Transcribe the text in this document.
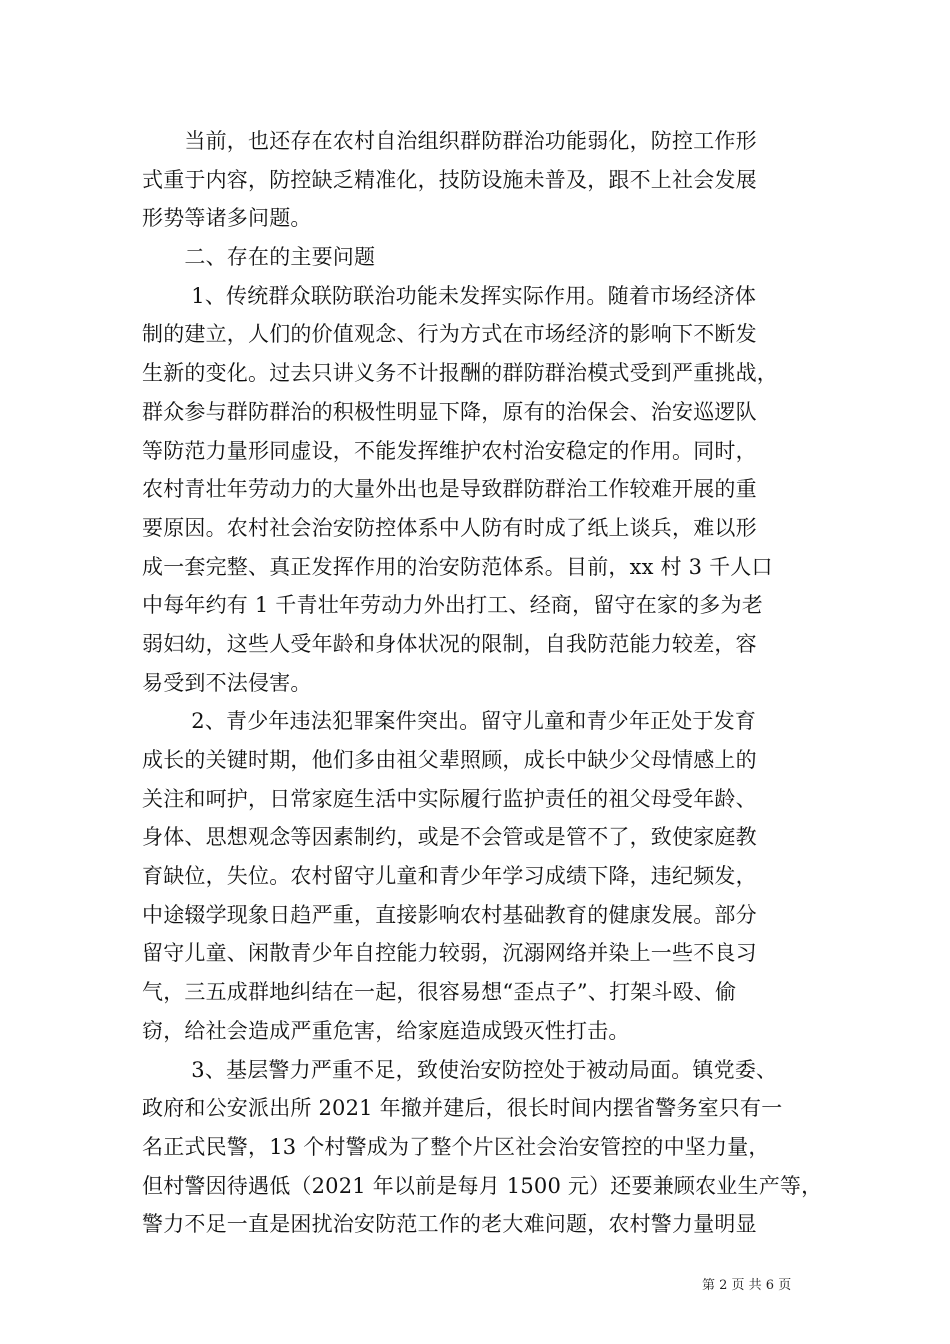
　　当前，也还存在农村自治组织群防群治功能弱化，防控工作形
式重于内容，防控缺乏精准化，技防设施未普及，跟不上社会发展
形势等诸多问题。
　　二、存在的主要问题
　　 1、传统群众联防联治功能未发挥实际作用。随着市场经济体
制的建立，人们的价值观念、行为方式在市场经济的影响下不断发
生新的变化。过去只讲义务不计报酬的群防群治模式受到严重挑战，
群众参与群防群治的积极性明显下降，原有的治保会、治安巡逻队
等防范力量形同虚设，不能发挥维护农村治安稳定的作用。同时，
农村青壮年劳动力的大量外出也是导致群防群治工作较难开展的重
要原因。农村社会治安防控体系中人防有时成了纸上谈兵，难以形
成一套完整、真正发挥作用的治安防范体系。目前，xx 村 3 千人口
中每年约有 1 千青壮年劳动力外出打工、经商，留守在家的多为老
弱妇幼，这些人受年龄和身体状况的限制，自我防范能力较差，容
易受到不法侵害。
　　 2、青少年违法犯罪案件突出。留守儿童和青少年正处于发育
成长的关键时期，他们多由祖父辈照顾，成长中缺少父母情感上的
关注和呵护，日常家庭生活中实际履行监护责任的祖父母受年龄、
身体、思想观念等因素制约，或是不会管或是管不了，致使家庭教
育缺位，失位。农村留守儿童和青少年学习成绩下降，违纪频发，
中途辍学现象日趋严重，直接影响农村基础教育的健康发展。部分
留守儿童、闲散青少年自控能力较弱，沉溺网络并染上一些不良习
气，三五成群地纠结在一起，很容易想“歪点子”、打架斗殴、偷
窃，给社会造成严重危害，给家庭造成毁灭性打击。
　　 3、基层警力严重不足，致使治安防控处于被动局面。镇党委、
政府和公安派出所 2021 年撤并建后，很长时间内摆省警务室只有一
名正式民警，13 个村警成为了整个片区社会治安管控的中坚力量，
但村警因待遇低（2021 年以前是每月 1500 元）还要兼顾农业生产等，
警力不足一直是困扰治安防范工作的老大难问题，农村警力量明显
第 2 页 共 6 页
